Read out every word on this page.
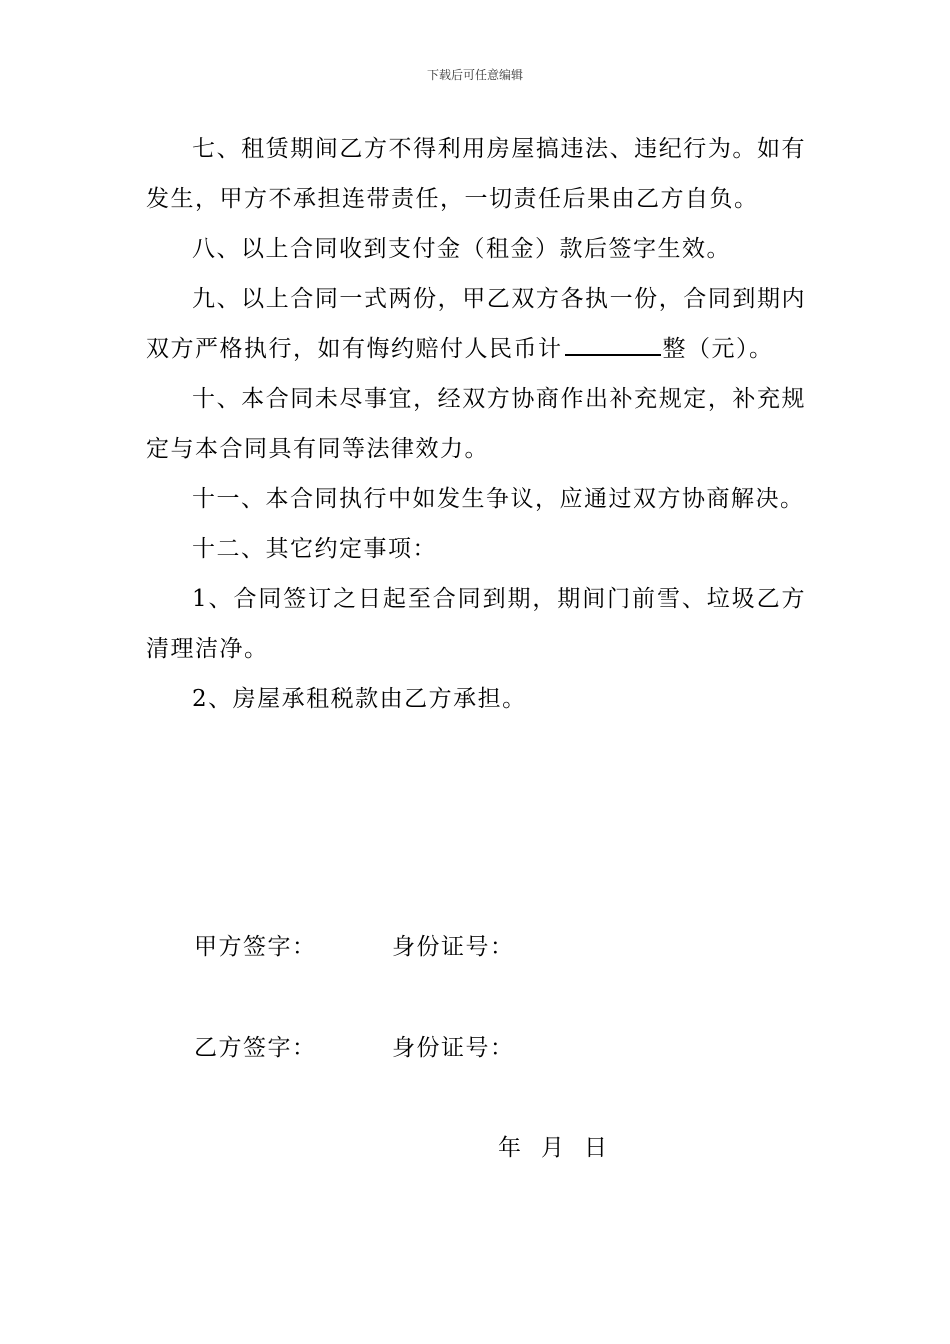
下载后可任意编辑

七、租赁期间乙方不得利用房屋搞违法、违纪行为。如有发生，甲方不承担连带责任，一切责任后果由乙方自负。

八、以上合同收到支付金（租金）款后签字生效。

九、以上合同一式两份，甲乙双方各执一份，合同到期内双方严格执行，如有悔约赔付人民币计	整（元）。

十、本合同未尽事宜，经双方协商作出补充规定，补充规定与本合同具有同等法律效力。

十一、本合同执行中如发生争议，应通过双方协商解决。

十二、其它约定事项：

1、合同签订之日起至合同到期，期间门前雪、垃圾乙方清理洁净。

2、房屋承租税款由乙方承担。

甲方签字：	身份证号：
乙方签字：	身份证号：
年 月 日
